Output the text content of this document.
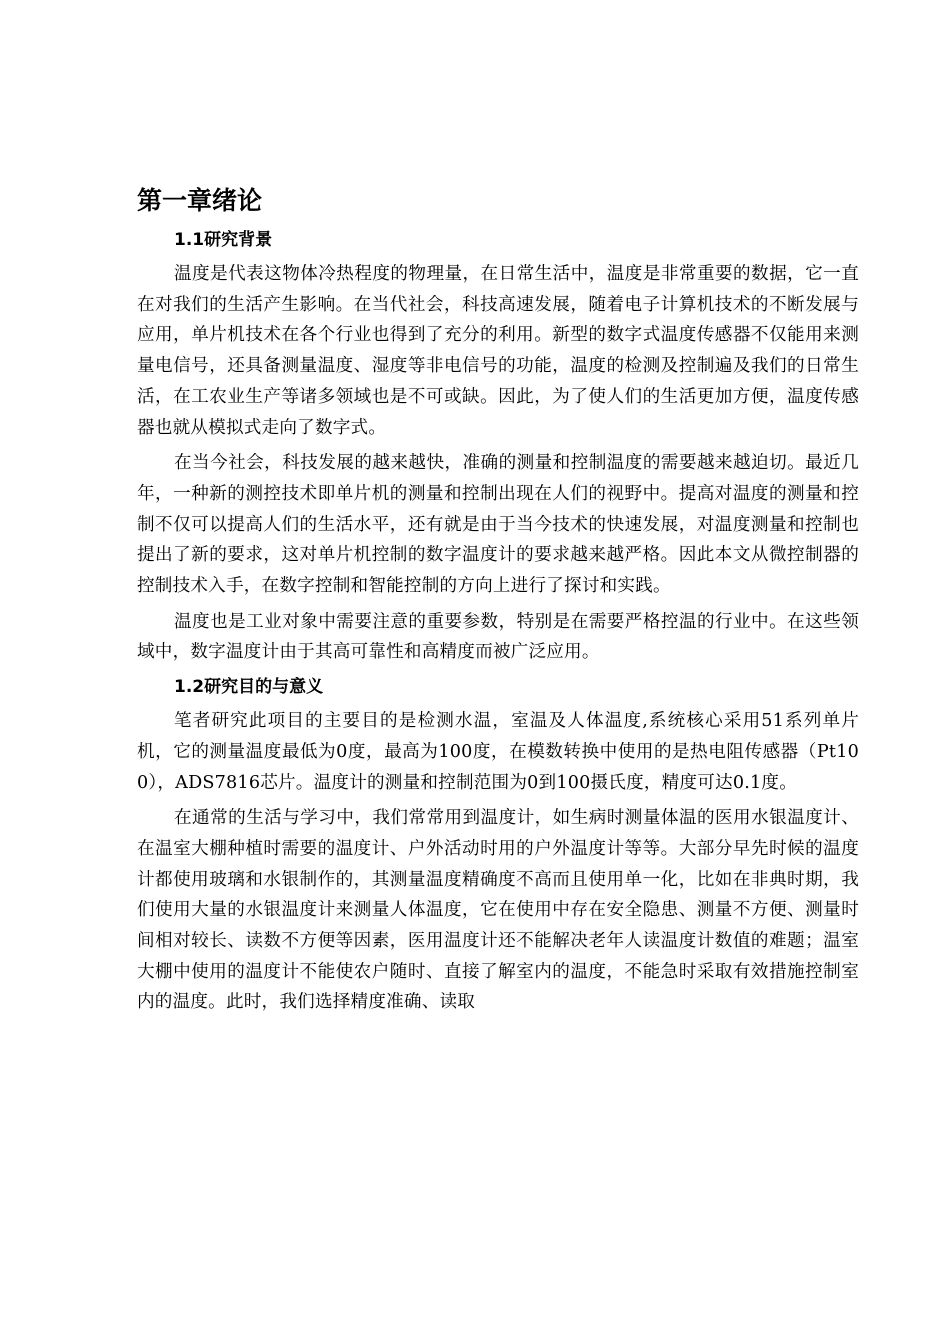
第一章绪论
1.1研究背景

温度是代表这物体冷热程度的物理量，在日常生活中，温度是非常重要的数据，它一直在对我们的生活产生影响。在当代社会，科技高速发展，随着电子计算机技术的不断发展与应用，单片机技术在各个行业也得到了充分的利用。新型的数字式温度传感器不仅能用来测量电信号，还具备测量温度、湿度等非电信号的功能，温度的检测及控制遍及我们的日常生活，在工农业生产等诸多领域也是不可或缺。因此，为了使人们的生活更加方便，温度传感器也就从模拟式走向了数字式。

在当今社会，科技发展的越来越快，准确的测量和控制温度的需要越来越迫切。最近几年，一种新的测控技术即单片机的测量和控制出现在人们的视野中。提高对温度的测量和控制不仅可以提高人们的生活水平，还有就是由于当今技术的快速发展，对温度测量和控制也提出了新的要求，这对单片机控制的数字温度计的要求越来越严格。因此本文从微控制器的控制技术入手，在数字控制和智能控制的方向上进行了探讨和实践。

温度也是工业对象中需要注意的重要参数，特别是在需要严格控温的行业中。在这些领域中，数字温度计由于其高可靠性和高精度而被广泛应用。

1.2研究目的与意义

笔者研究此项目的主要目的是检测水温，室温及人体温度,系统核心采用51系列单片机，它的测量温度最低为0度，最高为100度，在模数转换中使用的是热电阻传感器（Pt100），ADS7816芯片。温度计的测量和控制范围为0到100摄氏度，精度可达0.1度。

在通常的生活与学习中，我们常常用到温度计，如生病时测量体温的医用水银温度计、在温室大棚种植时需要的温度计、户外活动时用的户外温度计等等。大部分早先时候的温度计都使用玻璃和水银制作的，其测量温度精确度不高而且使用单一化，比如在非典时期，我们使用大量的水银温度计来测量人体温度，它在使用中存在安全隐患、测量不方便、测量时间相对较长、读数不方便等因素，医用温度计还不能解决老年人读温度计数值的难题；温室大棚中使用的温度计不能使农户随时、直接了解室内的温度，不能急时采取有效措施控制室内的温度。此时，我们选择精度准确、读取
